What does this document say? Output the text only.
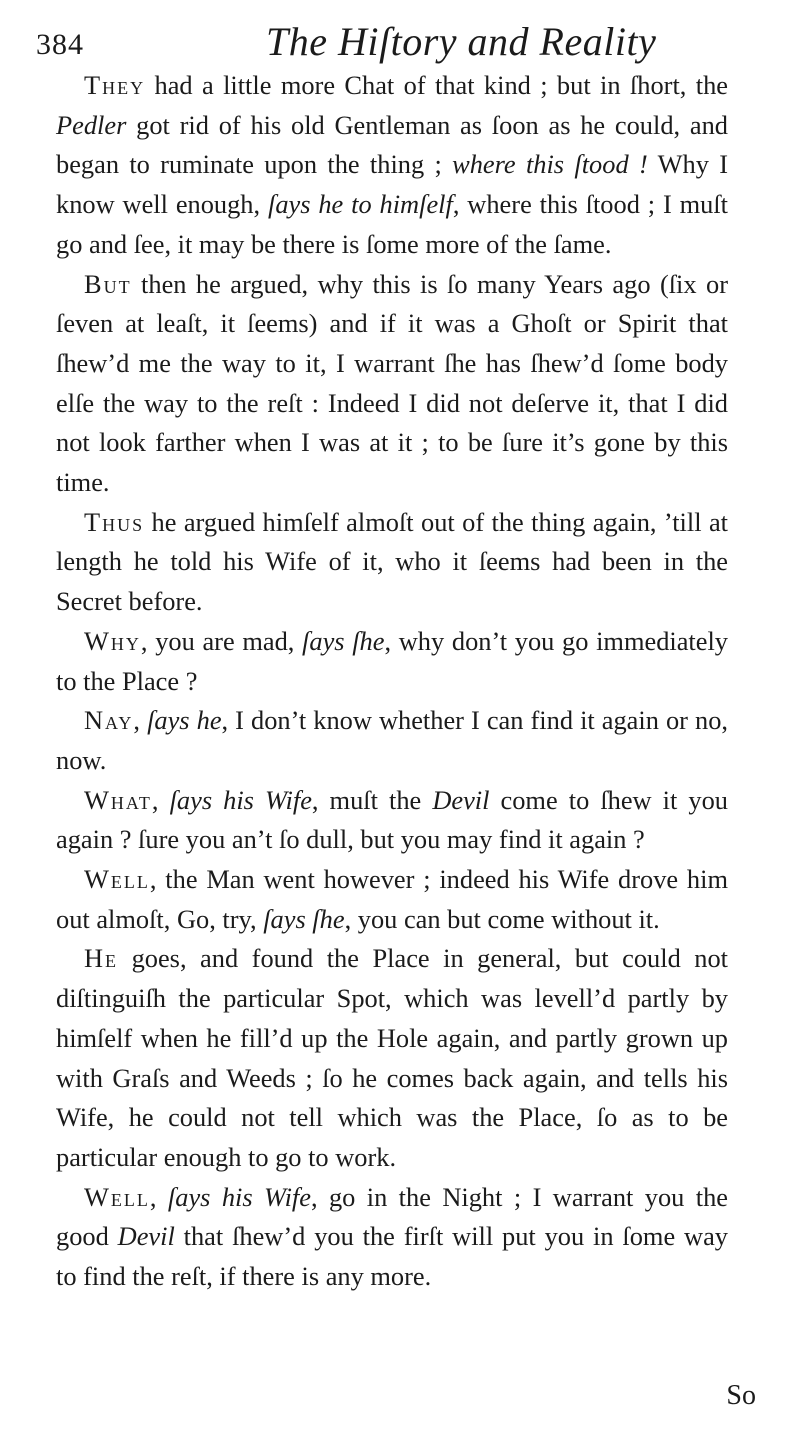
384	The Hiſtory and Reality

They had a little more Chat of that kind ; but in ſhort, the Pedler got rid of his old Gentleman as ſoon as he could, and began to ruminate upon the thing ; where this ſtood ! Why I know well enough, ſays he to himſelf, where this ſtood ; I muſt go and ſee, it may be there is ſome more of the ſame.

But then he argued, why this is ſo many Years ago (ſix or ſeven at leaſt, it ſeems) and if it was a Ghoſt or Spirit that ſhew’d me the way to it, I warrant ſhe has ſhew’d ſome body elſe the way to the reſt : Indeed I did not deſerve it, that I did not look farther when I was at it ; to be ſure it’s gone by this time.

Thus he argued himſelf almoſt out of the thing again, ’till at length he told his Wife of it, who it ſeems had been in the Secret before.

Why, you are mad, ſays ſhe, why don’t you go immediately to the Place ?

Nay, ſays he, I don’t know whether I can find it again or no, now.

What, ſays his Wife, muſt the Devil come to ſhew it you again ? ſure you an’t ſo dull, but you may find it again ?

Well, the Man went however ; indeed his Wife drove him out almoſt, Go, try, ſays ſhe, you can but come without it.

He goes, and found the Place in general, but could not diſtinguiſh the particular Spot, which was levell’d partly by himſelf when he fill’d up the Hole again, and partly grown up with Graſs and Weeds ; ſo he comes back again, and tells his Wife, he could not tell which was the Place, ſo as to be particular enough to go to work.

Well, ſays his Wife, go in the Night ; I warrant you the good Devil that ſhew’d you the firſt will put you in ſome way to find the reſt, if there is any more.

So
